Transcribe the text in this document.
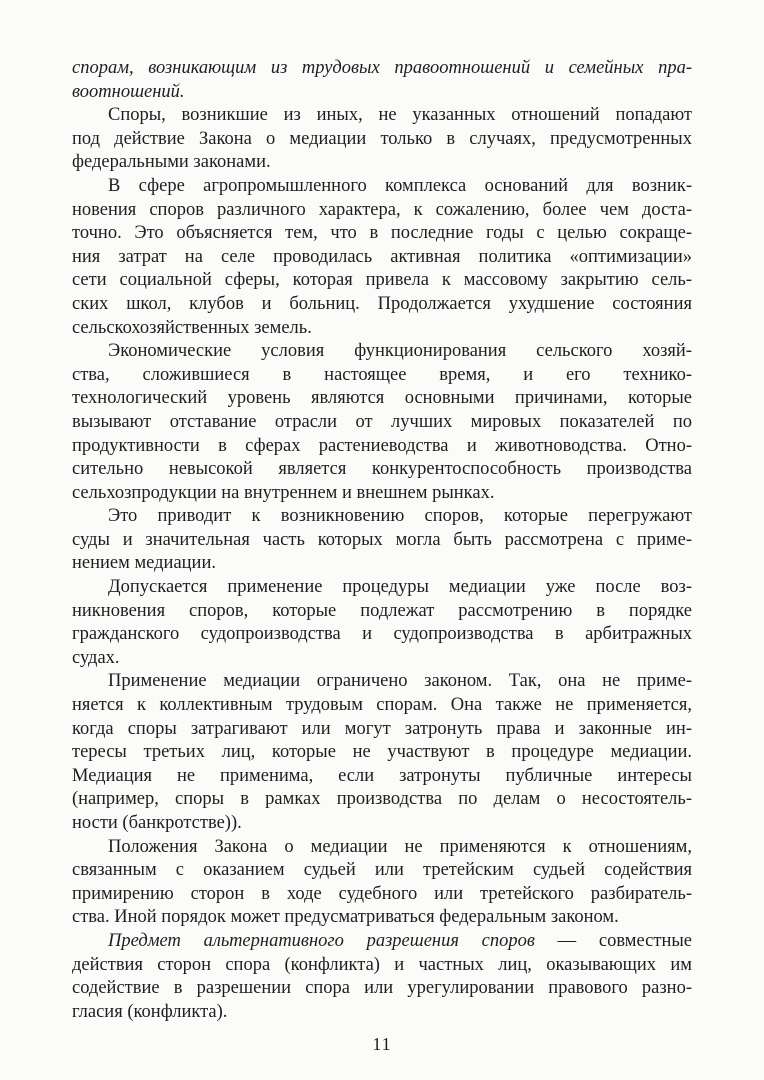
спорам, возникающим из трудовых правоотношений и семейных пра-
воотношений.
Споры, возникшие из иных, не указанных отношений попадают
под действие Закона о медиации только в случаях, предусмотренных
федеральными законами.
В сфере агропромышленного комплекса оснований для возник-
новения споров различного характера, к сожалению, более чем доста-
точно. Это объясняется тем, что в последние годы с целью сокраще-
ния затрат на селе проводилась активная политика «оптимизации»
сети социальной сферы, которая привела к массовому закрытию сель-
ских школ, клубов и больниц. Продолжается ухудшение состояния
сельскохозяйственных земель.
Экономические условия функционирования сельского хозяй-
ства, сложившиеся в настоящее время, и его технико-
технологический уровень являются основными причинами, которые
вызывают отставание отрасли от лучших мировых показателей по
продуктивности в сферах растениеводства и животноводства. Отно-
сительно невысокой является конкурентоспособность производства
сельхозпродукции на внутреннем и внешнем рынках.
Это приводит к возникновению споров, которые перегружают
суды и значительная часть которых могла быть рассмотрена с приме-
нением медиации.
Допускается применение процедуры медиации уже после воз-
никновения споров, которые подлежат рассмотрению в порядке
гражданского судопроизводства и судопроизводства в арбитражных
судах.
Применение медиации ограничено законом. Так, она не приме-
няется к коллективным трудовым спорам. Она также не применяется,
когда споры затрагивают или могут затронуть права и законные ин-
тересы третьих лиц, которые не участвуют в процедуре медиации.
Медиация не применима, если затронуты публичные интересы
(например, споры в рамках производства по делам о несостоятель-
ности (банкротстве)).
Положения Закона о медиации не применяются к отношениям,
связанным с оказанием судьей или третейским судьей содействия
примирению сторон в ходе судебного или третейского разбиратель-
ства. Иной порядок может предусматриваться федеральным законом.
Предмет альтернативного разрешения споров — совместные
действия сторон спора (конфликта) и частных лиц, оказывающих им
содействие в разрешении спора или урегулировании правового разно-
гласия (конфликта).
11
